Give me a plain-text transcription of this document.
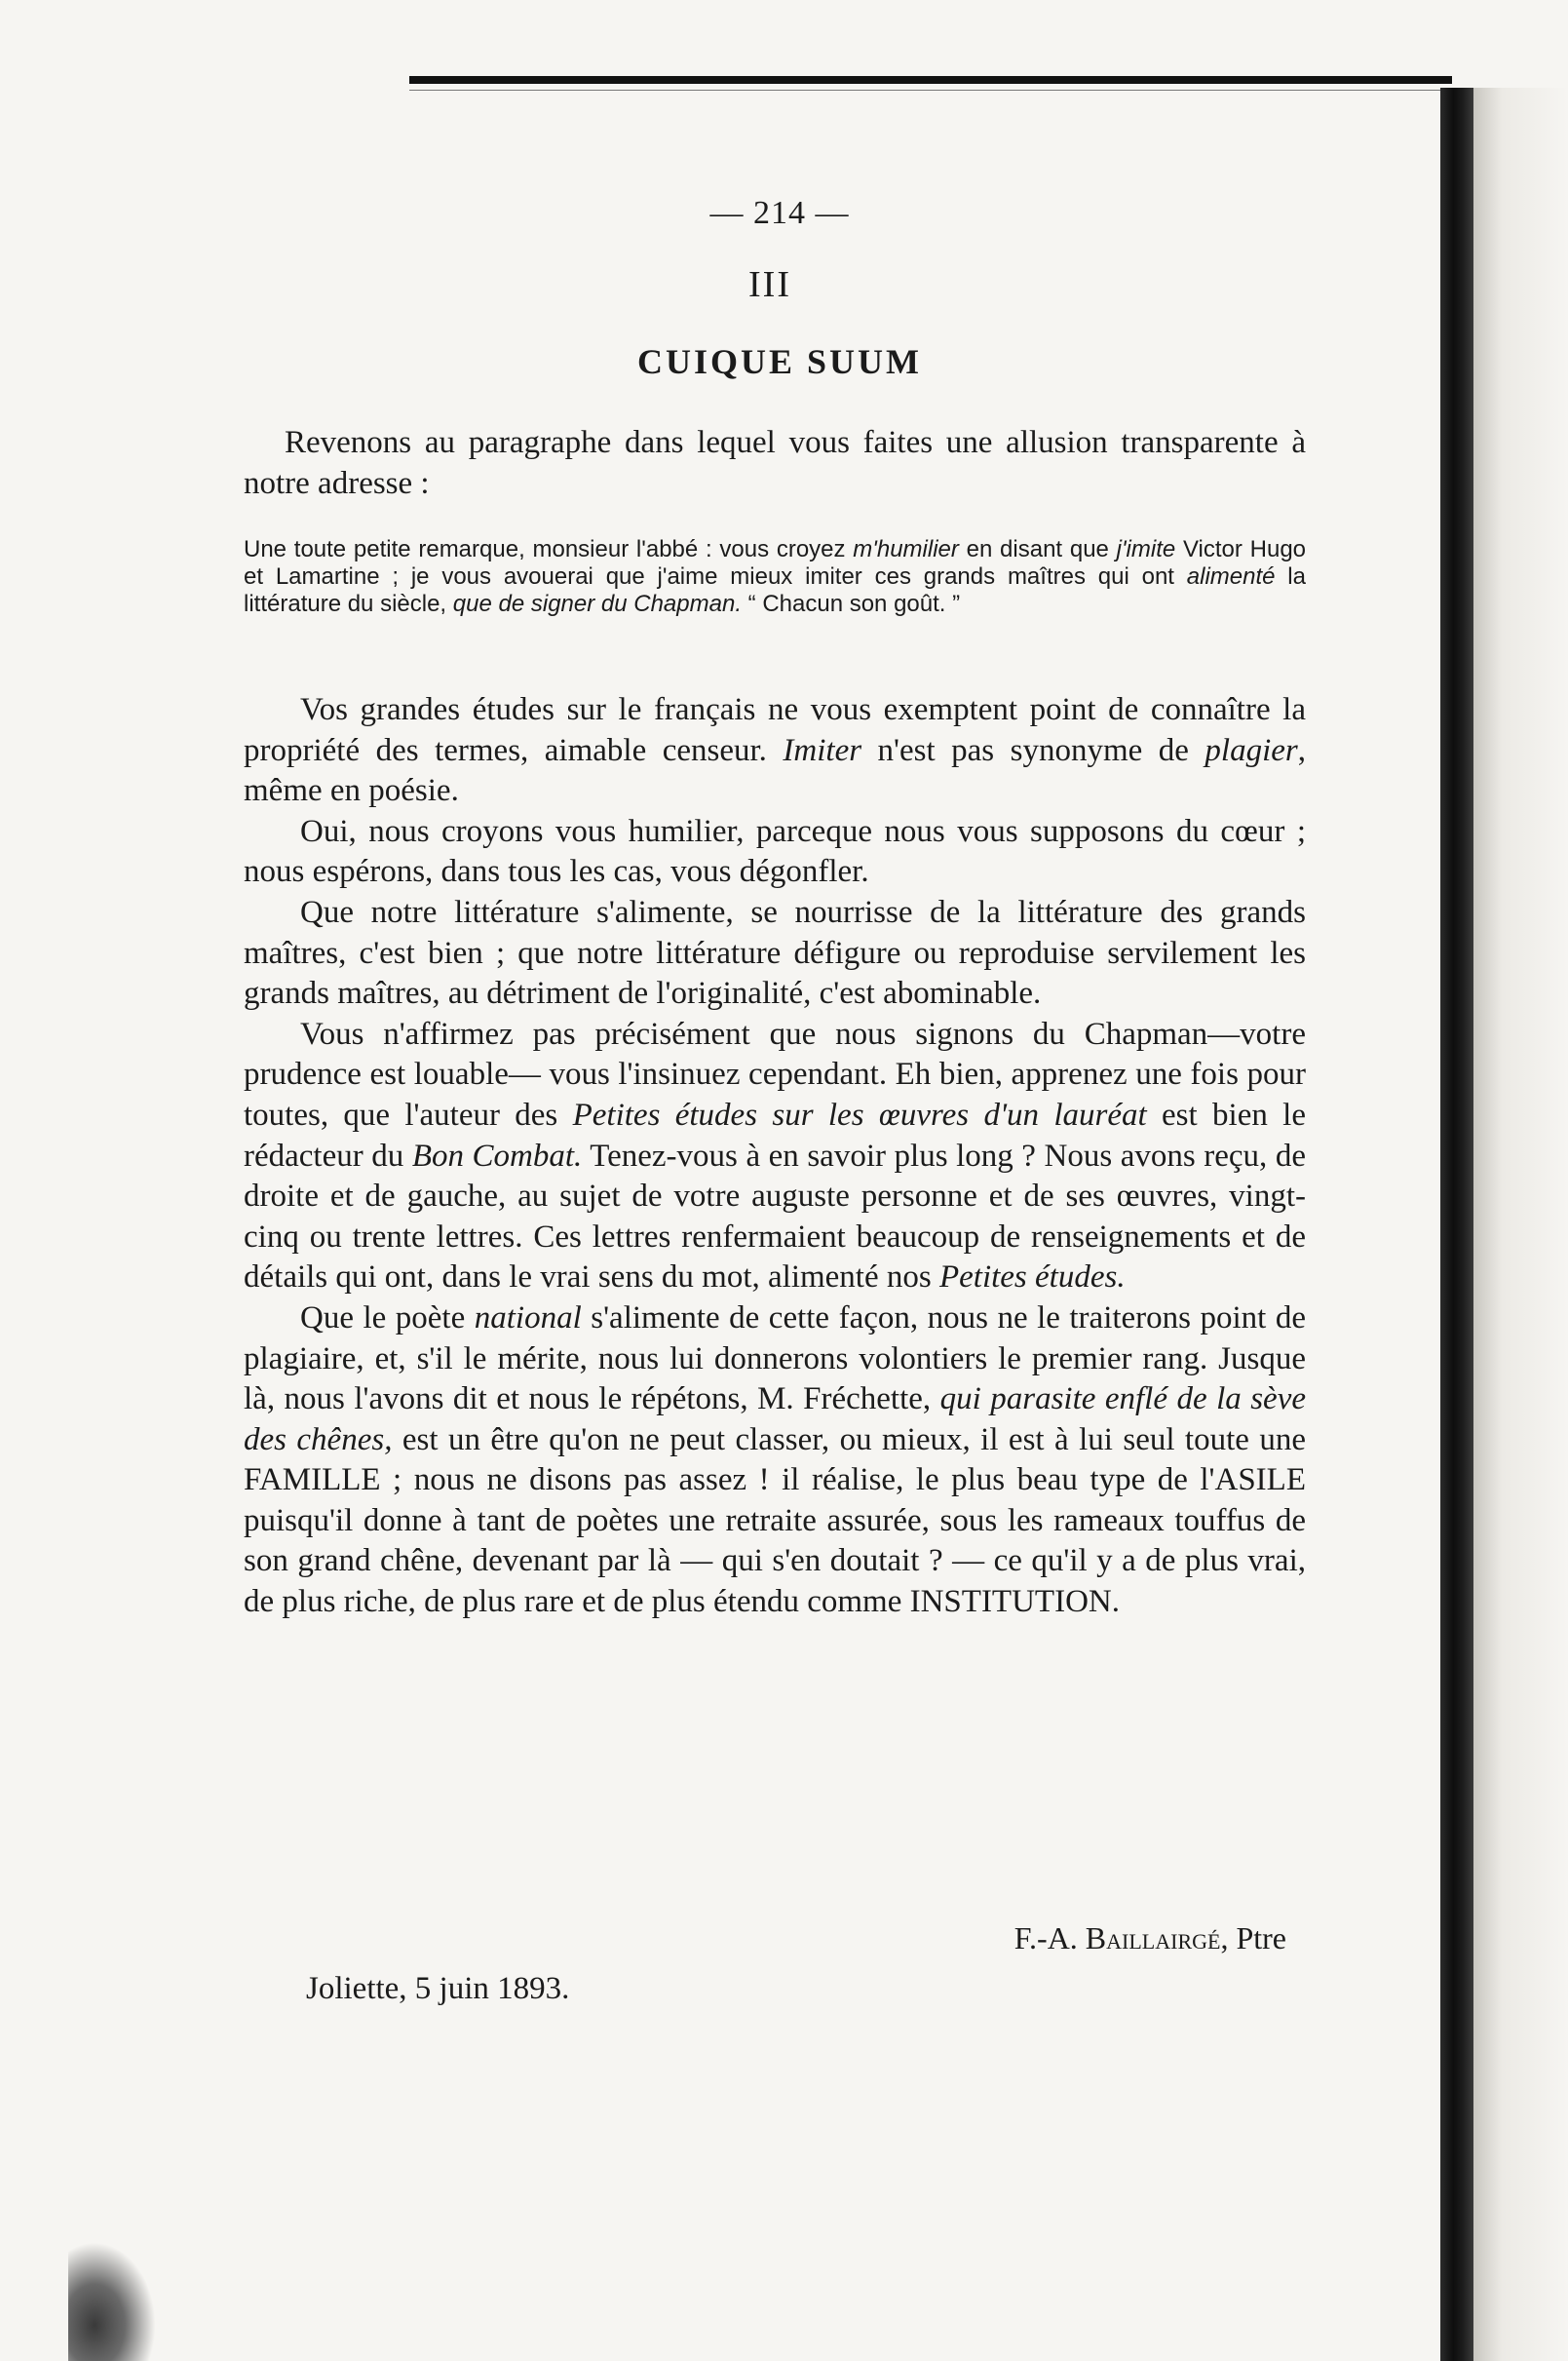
— 214 —
III
CUIQUE SUUM

Revenons au paragraphe dans lequel vous faites une allusion transparente à notre adresse :

Une toute petite remarque, monsieur l'abbé : vous croyez m'humilier en disant que j'imite Victor Hugo et Lamartine ; je vous avouerai que j'aime mieux imiter ces grands maîtres qui ont alimenté la littérature du siècle, que de signer du Chapman. “ Chacun son goût. ”

Vos grandes études sur le français ne vous exemptent point de connaître la propriété des termes, aimable censeur. Imiter n'est pas synonyme de plagier, même en poésie.

Oui, nous croyons vous humilier, parceque nous vous supposons du cœur ; nous espérons, dans tous les cas, vous dégonfler.

Que notre littérature s'alimente, se nourrisse de la littérature des grands maîtres, c'est bien ; que notre littérature défigure ou reproduise servilement les grands maîtres, au détriment de l'originalité, c'est abominable.

Vous n'affirmez pas précisément que nous signons du Chapman—votre prudence est louable— vous l'insinuez cependant. Eh bien, apprenez une fois pour toutes, que l'auteur des Petites études sur les œuvres d'un lauréat est bien le rédacteur du Bon Combat. Tenez-vous à en savoir plus long ? Nous avons reçu, de droite et de gauche, au sujet de votre auguste personne et de ses œuvres, vingt-cinq ou trente lettres. Ces lettres renfermaient beaucoup de renseignements et de détails qui ont, dans le vrai sens du mot, alimenté nos Petites études.

Que le poète national s'alimente de cette façon, nous ne le traiterons point de plagiaire, et, s'il le mérite, nous lui donnerons volontiers le premier rang. Jusque là, nous l'avons dit et nous le répétons, M. Fréchette, qui parasite enflé de la sève des chênes, est un être qu'on ne peut classer, ou mieux, il est à lui seul toute une FAMILLE ; nous ne disons pas assez ! il réalise, le plus beau type de l'ASILE puisqu'il donne à tant de poètes une retraite assurée, sous les rameaux touffus de son grand chêne, devenant par là — qui s'en doutait ? — ce qu'il y a de plus vrai, de plus riche, de plus rare et de plus étendu comme INSTITUTION.

F.-A. Baillairgé, Ptre
Joliette, 5 juin 1893.
